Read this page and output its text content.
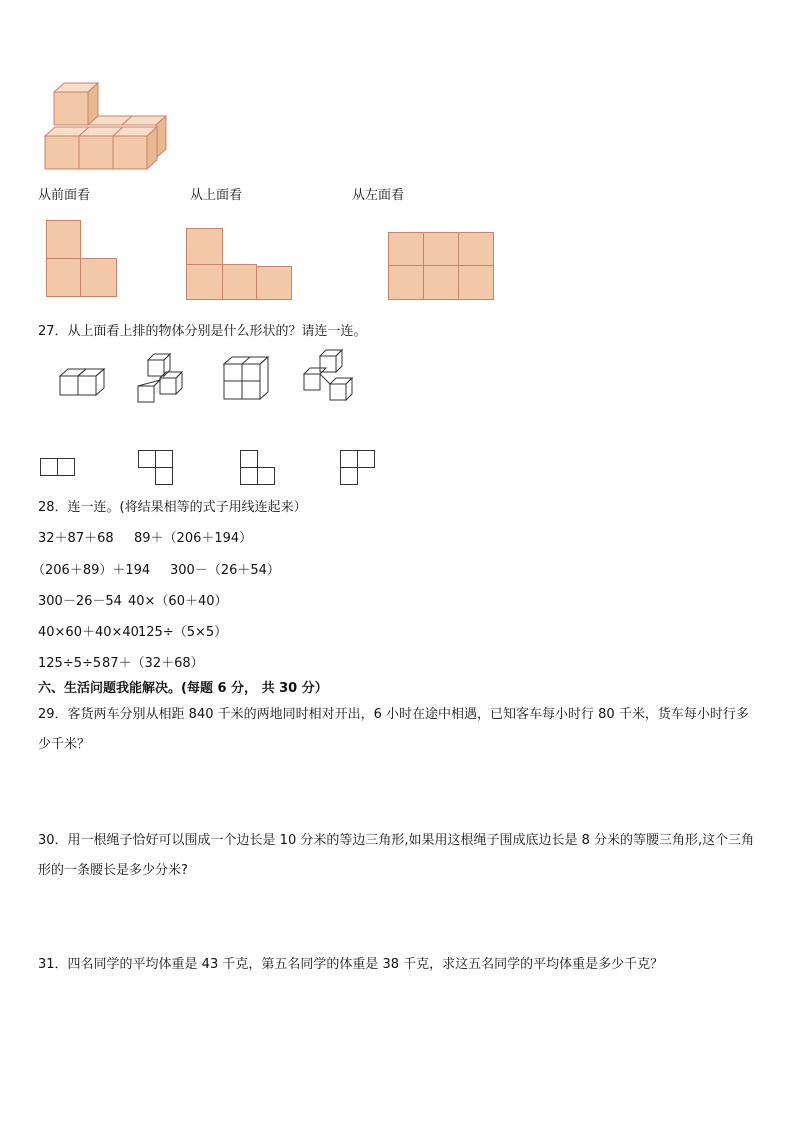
从前面看	从上面看	从左面看
27．从上面看上排的物体分别是什么形状的？请连一连。
28．连一连。(将结果相等的式子用线连起来）
32＋87＋68 89＋（206＋194）
（206＋89）＋194 300－（26＋54）
300－26－54 40×（60＋40）
40×60＋40×40 125÷（5×5）
125÷5÷5 87＋（32＋68）
六、生活问题我能解决。(每题 6 分， 共 30 分）
29．客货两车分别从相距 840 千米的两地同时相对开出，6 小时在途中相遇，已知客车每小时行 80 千米，货车每小时行多少千米？
30．用一根绳子恰好可以围成一个边长是 10 分米的等边三角形,如果用这根绳子围成底边长是 8 分米的等腰三角形,这个三角形的一条腰长是多少分米?
31．四名同学的平均体重是 43 千克，第五名同学的体重是 38 千克，求这五名同学的平均体重是多少千克？
